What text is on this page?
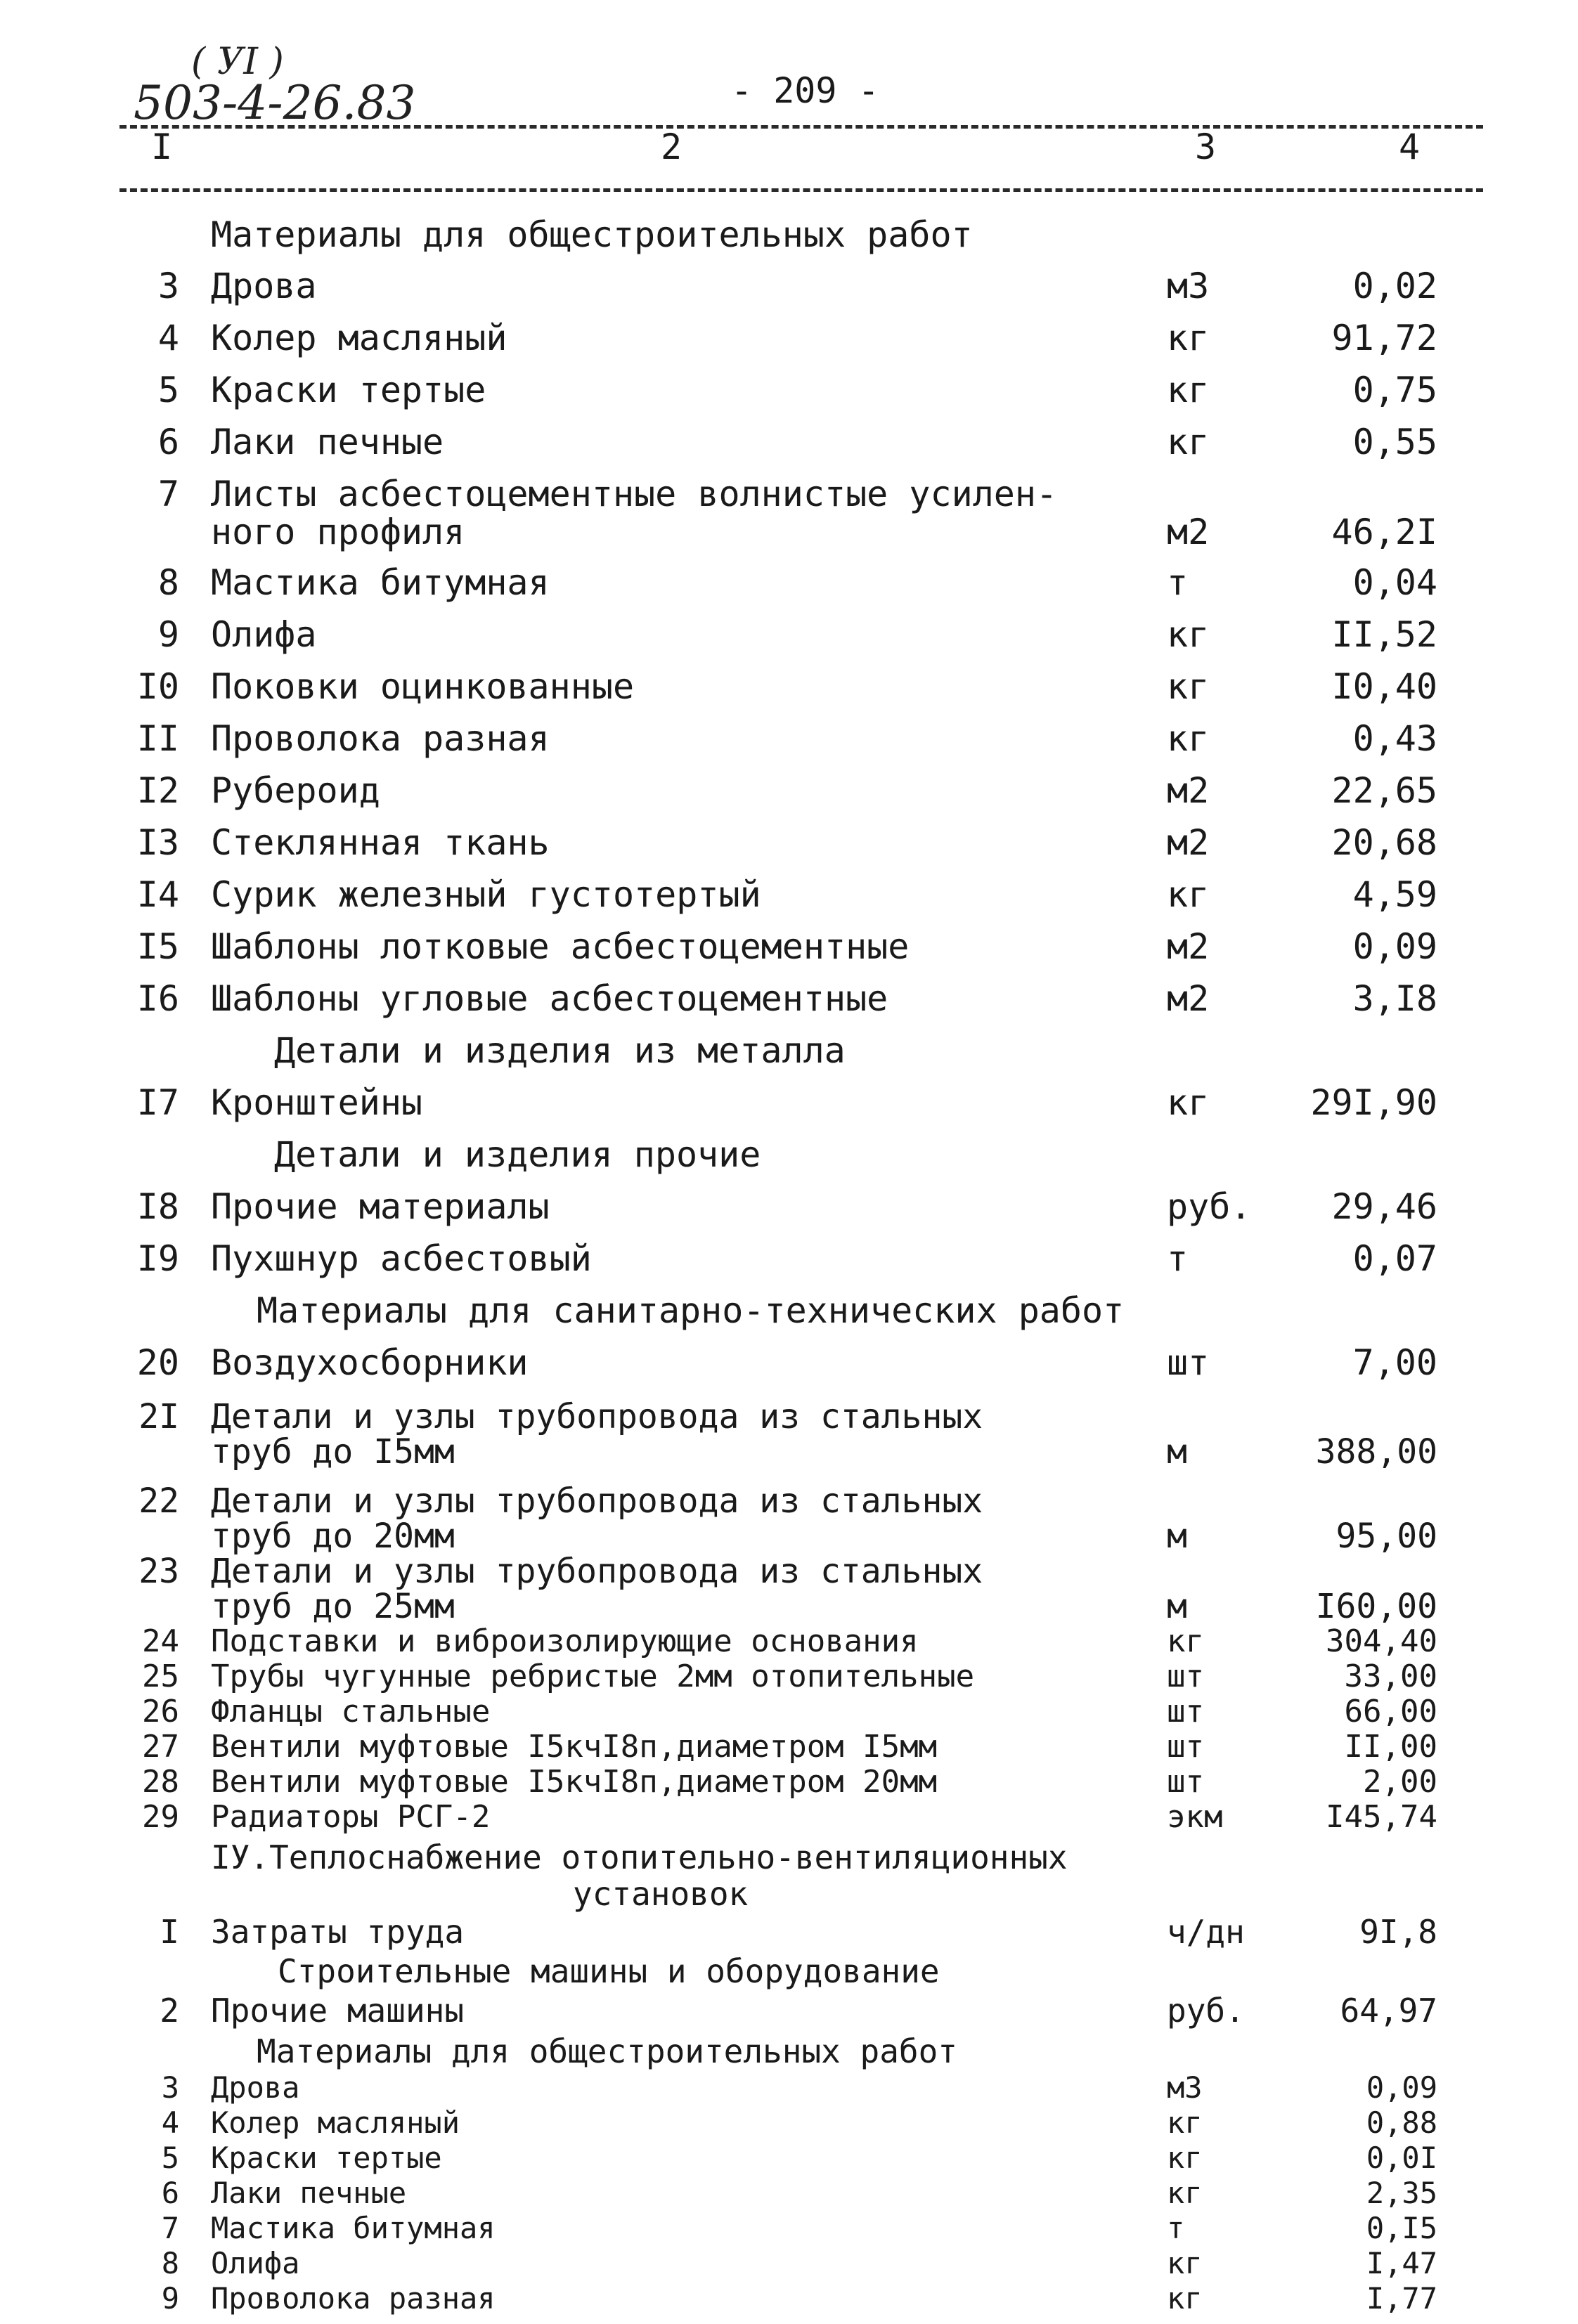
( УI )
503-4-26.83	- 209 -
I	2	3	4
Материалы для общестроительных работ
3 Дрова	м3	0,02
4 Колер масляный	кг	91,72
5 Краски тертые	кг	0,75
6 Лаки печные	кг	0,55
7 Листы асбестоцементные волнистые усилен-
ного профиля	м2	46,2I
8 Мастика битумная	т	0,04
9 Олифа	кг	II,52
I0 Поковки оцинкованные	кг	I0,40
II Проволока разная	кг	0,43
I2 Рубероид	м2	22,65
I3 Стеклянная ткань	м2	20,68
I4 Сурик железный густотертый	кг	4,59
I5 Шаблоны лотковые асбестоцементные	м2	0,09
I6 Шаблоны угловые асбестоцементные	м2	3,I8
Детали и изделия из металла
I7 Кронштейны	кг	29I,90
Детали и изделия прочие
I8 Прочие материалы	руб. 29,46
I9 Пухшнур асбестовый	т	0,07
Материалы для санитарно-технических работ
20 Воздухосборники	шт	7,00
2I Детали и узлы трубопровода из стальных
труб до I5мм	м	388,00
22 Детали и узлы трубопровода из стальных
труб до 20мм	м	95,00
23 Детали и узлы трубопровода из стальных
труб до 25мм	м	I60,00
24 Подставки и виброизолирующие основания	кг	304,40
25 Трубы чугунные ребристые 2мм отопительные	шт	33,00
26 Фланцы стальные	шт	66,00
27 Вентили муфтовые I5кчI8п,диаметром I5мм	шт	II,00
28 Вентили муфтовые I5кчI8п,диаметром 20мм	шт	2,00
29 Радиаторы РСГ-2	экм	I45,74
IУ.Теплоснабжение отопительно-вентиляционных
установок
I Затраты труда	ч/дн	9I,8
Строительные машины и оборудование
2 Прочие машины	руб.	64,97
Материалы для общестроительных работ
3 Дрова	м3	0,09
4 Колер масляный	кг	0,88
5 Краски тертые	кг	0,0I
6 Лаки печные	кг	2,35
7 Мастика битумная	т	0,I5
8 Олифа	кг	I,47
9 Проволока разная	кг	I,77
